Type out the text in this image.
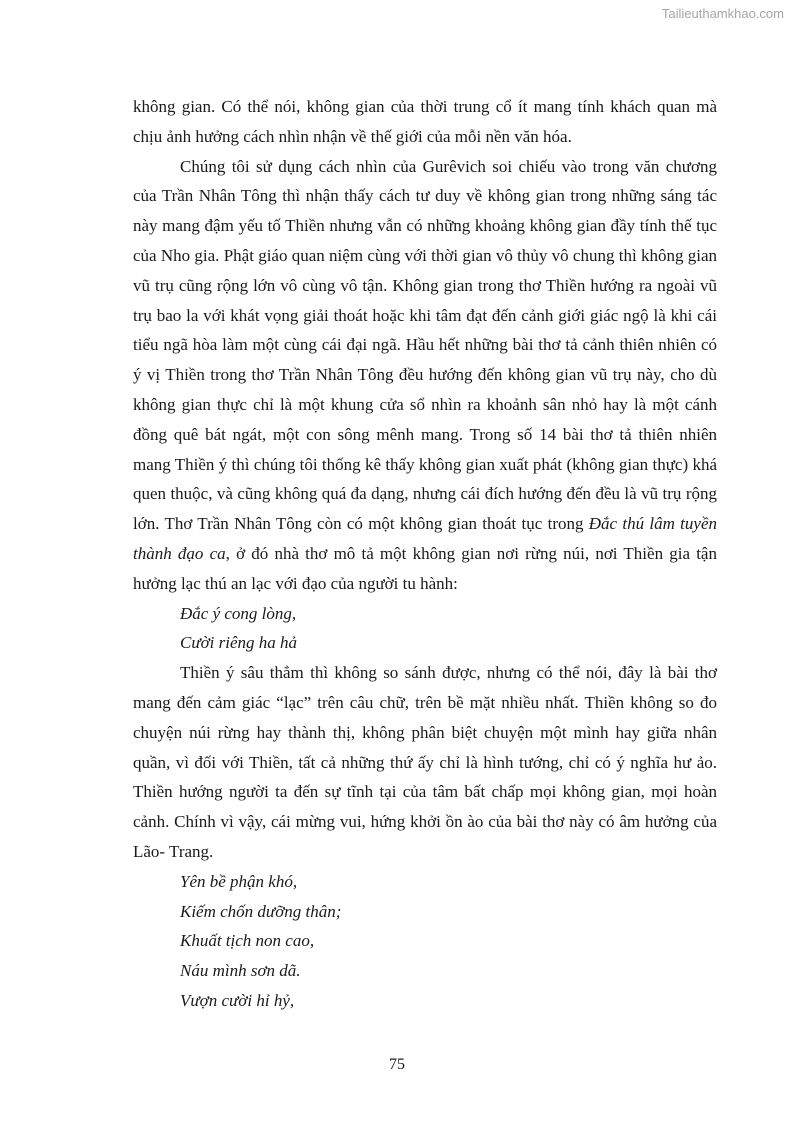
Tailieuthamkhao.com

không gian. Có thể nói, không gian của thời trung cổ ít mang tính khách quan mà chịu ảnh hưởng cách nhìn nhận về thế giới của mỗi nền văn hóa.

Chúng tôi sử dụng cách nhìn của Gurêvich soi chiếu vào trong văn chương của Trần Nhân Tông thì nhận thấy cách tư duy về không gian trong những sáng tác này mang đậm yếu tố Thiền nhưng vẫn có những khoảng không gian đầy tính thế tục của Nho gia. Phật giáo quan niệm cùng với thời gian vô thủy vô chung thì không gian vũ trụ cũng rộng lớn vô cùng vô tận. Không gian trong thơ Thiền hướng ra ngoài vũ trụ bao la với khát vọng giải thoát hoặc khi tâm đạt đến cảnh giới giác ngộ là khi cái tiểu ngã hòa làm một cùng cái đại ngã. Hầu hết những bài thơ tả cảnh thiên nhiên có ý vị Thiền trong thơ Trần Nhân Tông đều hướng đến không gian vũ trụ này, cho dù không gian thực chỉ là một khung cửa sổ nhìn ra khoảnh sân nhỏ hay là một cánh đồng quê bát ngát, một con sông mênh mang. Trong số 14 bài thơ tả thiên nhiên mang Thiền ý thì chúng tôi thống kê thấy không gian xuất phát (không gian thực) khá quen thuộc, và cũng không quá đa dạng, nhưng cái đích hướng đến đều là vũ trụ rộng lớn. Thơ Trần Nhân Tông còn có một không gian thoát tục trong Đắc thú lâm tuyền thành đạo ca, ở đó nhà thơ mô tả một không gian nơi rừng núi, nơi Thiền gia tận hưởng lạc thú an lạc với đạo của người tu hành:

Đắc ý cong lòng,

Cười riêng ha hả

Thiền ý sâu thẳm thì không so sánh được, nhưng có thể nói, đây là bài thơ mang đến cảm giác “lạc” trên câu chữ, trên bề mặt nhiều nhất. Thiền không so đo chuyện núi rừng hay thành thị, không phân biệt chuyện một mình hay giữa nhân quần, vì đối với Thiền, tất cả những thứ ấy chỉ là hình tướng, chỉ có ý nghĩa hư ảo. Thiền hướng người ta đến sự tĩnh tại của tâm bất chấp mọi không gian, mọi hoàn cảnh. Chính vì vậy, cái mừng vui, hứng khởi ồn ào của bài thơ này có âm hưởng của Lão- Trang.

Yên bề phận khó,

Kiếm chốn dưỡng thân;

Khuất tịch non cao,

Náu mình sơn dã.

Vượn cười hỉ hỷ,

75
